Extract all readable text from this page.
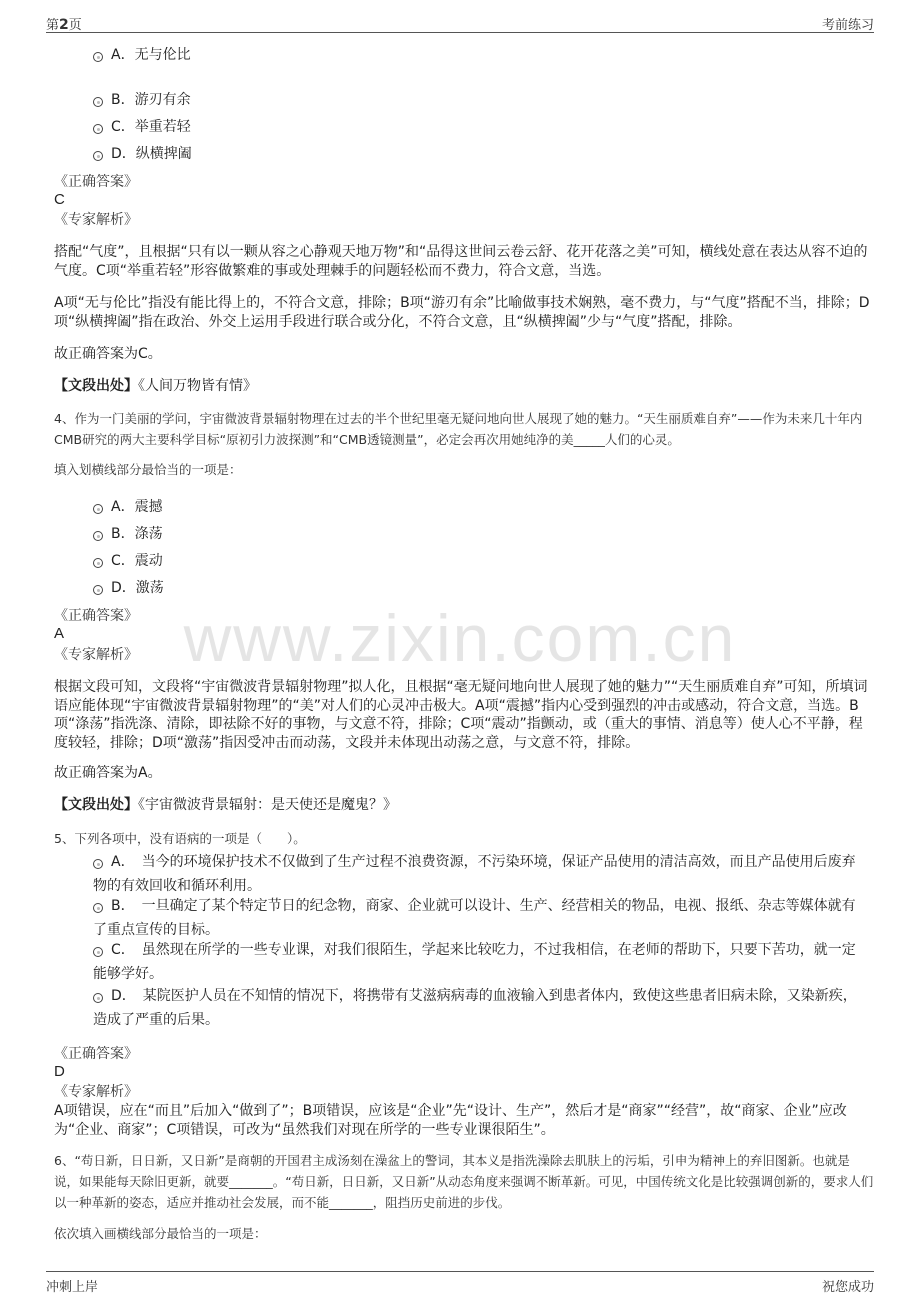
第2页	考前练习
www.zixin.com.cn
A．无与伦比
B．游刃有余
C．举重若轻
D．纵横捭阖
《正确答案》
C
《专家解析》
搭配“气度”，且根据“只有以一颗从容之心静观天地万物”和“品得这世间云卷云舒、花开花落之美”可知，横线处意在表达从容不迫的气度。C项“举重若轻”形容做繁难的事或处理棘手的问题轻松而不费力，符合文意，当选。
A项“无与伦比”指没有能比得上的，不符合文意，排除；B项“游刃有余”比喻做事技术娴熟，毫不费力，与“气度”搭配不当，排除；D项“纵横捭阖”指在政治、外交上运用手段进行联合或分化，不符合文意，且“纵横捭阖”少与“气度”搭配，排除。
故正确答案为C。
【文段出处】《人间万物皆有情》
4、作为一门美丽的学问，宇宙微波背景辐射物理在过去的半个世纪里毫无疑问地向世人展现了她的魅力。“天生丽质难自弃”——作为未来几十年内CMB研究的两大主要科学目标“原初引力波探测”和“CMB透镜测量”，必定会再次用她纯净的美_____人们的心灵。
填入划横线部分最恰当的一项是：
A．震撼
B．涤荡
C．震动
D．激荡
《正确答案》
A
《专家解析》
根据文段可知，文段将“宇宙微波背景辐射物理”拟人化，且根据“毫无疑问地向世人展现了她的魅力”“天生丽质难自弃”可知，所填词语应能体现“宇宙微波背景辐射物理”的“美”对人们的心灵冲击极大。A项“震撼”指内心受到强烈的冲击或感动，符合文意，当选。B项“涤荡”指洗涤、清除，即祛除不好的事物，与文意不符，排除；C项“震动”指颤动，或（重大的事情、消息等）使人心不平静，程度较轻，排除；D项“激荡”指因受冲击而动荡，文段并未体现出动荡之意，与文意不符，排除。
故正确答案为A。
【文段出处】《宇宙微波背景辐射：是天使还是魔鬼？》
5、下列各项中，没有语病的一项是（　　）。
A．　当今的环境保护技术不仅做到了生产过程不浪费资源，不污染环境，保证产品使用的清洁高效，而且产品使用后废弃物的有效回收和循环利用。
B．　一旦确定了某个特定节日的纪念物，商家、企业就可以设计、生产、经营相关的物品，电视、报纸、杂志等媒体就有了重点宣传的目标。
C．　虽然现在所学的一些专业课，对我们很陌生，学起来比较吃力，不过我相信，在老师的帮助下，只要下苦功，就一定能够学好。
D．　某院医护人员在不知情的情况下，将携带有艾滋病病毒的血液输入到患者体内，致使这些患者旧病未除，又染新疾，造成了严重的后果。
《正确答案》
D
《专家解析》
A项错误，应在“而且”后加入“做到了”；B项错误，应该是“企业”先“设计、生产”，然后才是“商家”“经营”，故“商家、企业”应改为“企业、商家”；C项错误，可改为“虽然我们对现在所学的一些专业课很陌生”。
6、“苟日新，日日新，又日新”是商朝的开国君主成汤刻在澡盆上的警词，其本义是指洗澡除去肌肤上的污垢，引申为精神上的弃旧图新。也就是说，如果能每天除旧更新，就要_______。“苟日新，日日新，又日新”从动态角度来强调不断革新。可见，中国传统文化是比较强调创新的，要求人们以一种革新的姿态，适应并推动社会发展，而不能_______，阻挡历史前进的步伐。
依次填入画横线部分最恰当的一项是：
冲刺上岸	祝您成功
